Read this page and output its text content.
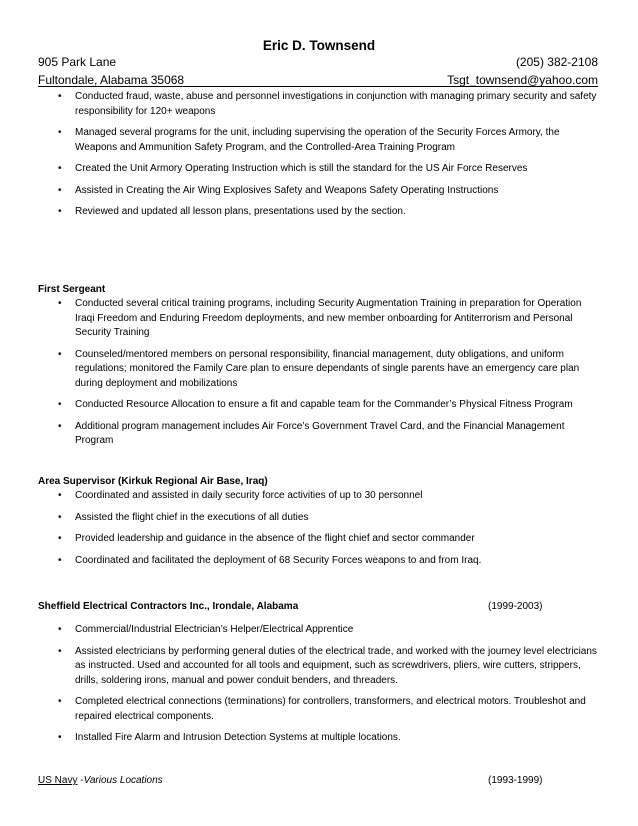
Eric D. Townsend
905 Park Lane	(205) 382-2108
Fultondale, Alabama 35068	Tsgt_townsend@yahoo.com
• Conducted fraud, waste, abuse and personnel investigations in conjunction with managing primary security and safety responsibility for 120+ weapons
• Managed several programs for the unit, including supervising the operation of the Security Forces Armory, the Weapons and Ammunition Safety Program, and the Controlled-Area Training Program
• Created the Unit Armory Operating Instruction which is still the standard for the US Air Force Reserves
• Assisted in Creating the Air Wing Explosives Safety and Weapons Safety Operating Instructions
• Reviewed and updated all lesson plans, presentations used by the section.
First Sergeant
• Conducted several critical training programs, including Security Augmentation Training in preparation for Operation Iraqi Freedom and Enduring Freedom deployments, and new member onboarding for Antiterrorism and Personal Security Training
• Counseled/mentored members on personal responsibility, financial management, duty obligations, and uniform regulations; monitored the Family Care plan to ensure dependants of single parents have an emergency care plan during deployment and mobilizations
• Conducted Resource Allocation to ensure a fit and capable team for the Commander’s Physical Fitness Program
• Additional program management includes Air Force’s Government Travel Card, and the Financial Management Program
Area Supervisor (Kirkuk Regional Air Base, Iraq)
• Coordinated and assisted in daily security force activities of up to 30 personnel
• Assisted the flight chief in the executions of all duties
• Provided leadership and guidance in the absence of the flight chief and sector commander
• Coordinated and facilitated the deployment of 68 Security Forces weapons to and from Iraq.
Sheffield Electrical Contractors Inc., Irondale, Alabama	(1999-2003)
• Commercial/Industrial Electrician’s Helper/Electrical Apprentice
• Assisted electricians by performing general duties of the electrical trade, and worked with the journey level electricians as instructed. Used and accounted for all tools and equipment, such as screwdrivers, pliers, wire cutters, strippers, drills, soldering irons, manual and power conduit benders, and threaders.
• Completed electrical connections (terminations) for controllers, transformers, and electrical motors. Troubleshot and repaired electrical components.
• Installed Fire Alarm and Intrusion Detection Systems at multiple locations.
US Navy -Various Locations	(1993-1999)
